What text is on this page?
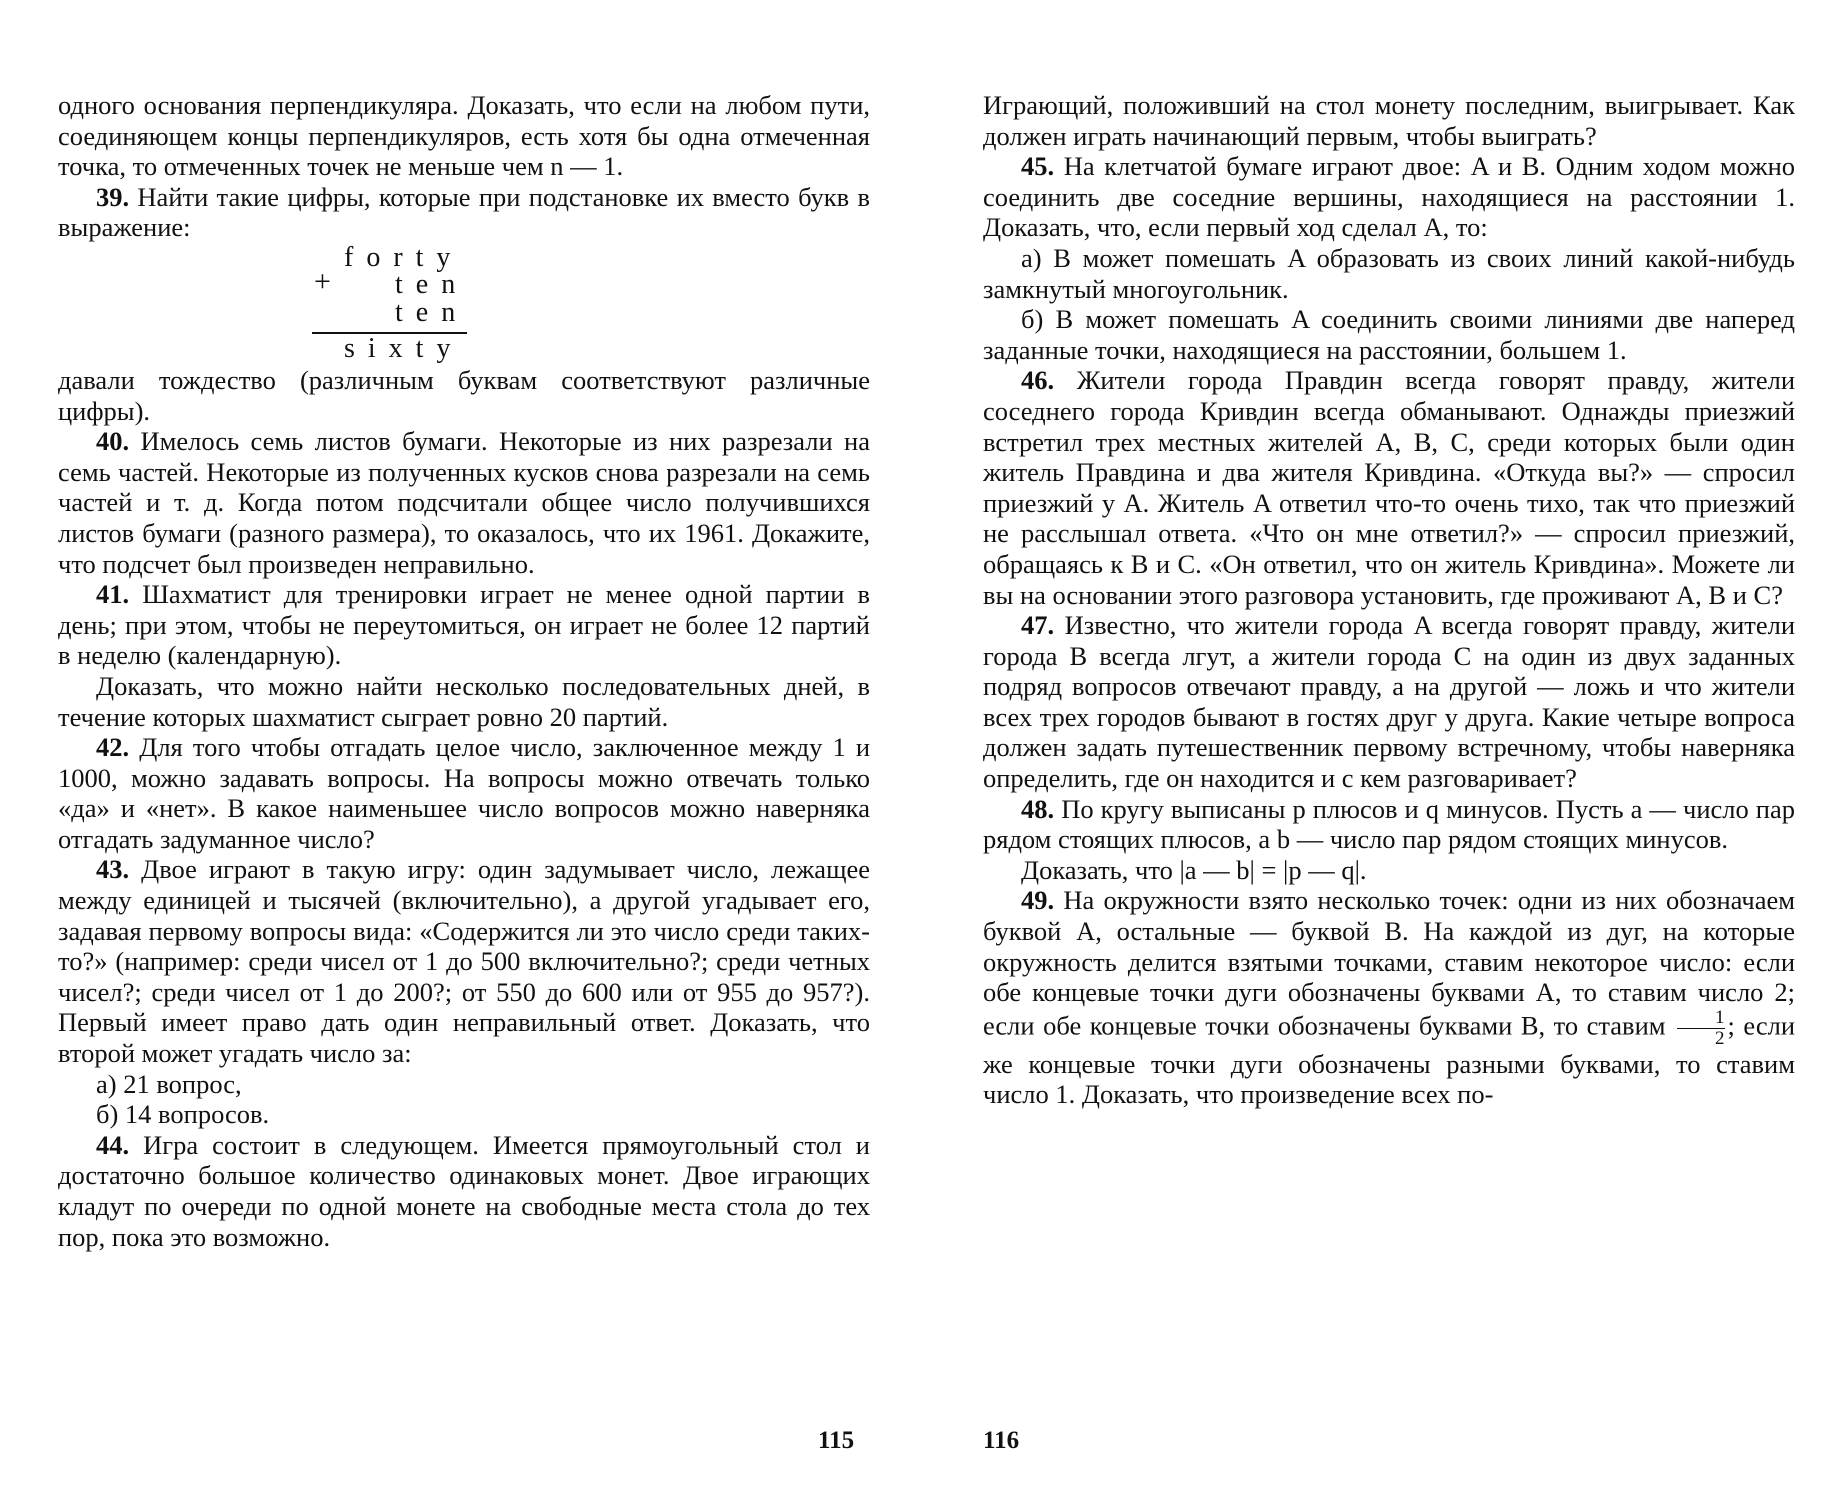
одного основания перпендикуляра. Доказать, что если на любом пути, соединяющем концы перпендикуляров, есть хотя бы одна отмеченная точка, то отмеченных точек не меньше чем n — 1.

39. Найти такие цифры, которые при подстановке их вместо букв в выражение:

forty
+ ten
ten
sixty

давали тождество (различным буквам соответствуют различные цифры).

40. Имелось семь листов бумаги. Некоторые из них разрезали на семь частей. Некоторые из полученных кусков снова разрезали на семь частей и т. д. Когда потом подсчитали общее число получившихся листов бумаги (разного размера), то оказалось, что их 1961. Докажите, что подсчет был произведен неправильно.

41. Шахматист для тренировки играет не менее одной партии в день; при этом, чтобы не переутомиться, он играет не более 12 партий в неделю (календарную).

Доказать, что можно найти несколько последовательных дней, в течение которых шахматист сыграет ровно 20 партий.

42. Для того чтобы отгадать целое число, заключенное между 1 и 1000, можно задавать вопросы. На вопросы можно отвечать только «да» и «нет». В какое наименьшее число вопросов можно наверняка отгадать задуманное число?

43. Двое играют в такую игру: один задумывает число, лежащее между единицей и тысячей (включительно), а другой угадывает его, задавая первому вопросы вида: «Содержится ли это число среди таких-то?» (например: среди чисел от 1 до 500 включительно?; среди четных чисел?; среди чисел от 1 до 200?; от 550 до 600 или от 955 до 957?). Первый имеет право дать один неправильный ответ. Доказать, что второй может угадать число за:

а) 21 вопрос,

б) 14 вопросов.

44. Игра состоит в следующем. Имеется прямоугольный стол и достаточно большое количество одинаковых монет. Двое играющих кладут по очереди по одной монете на свободные места стола до тех пор, пока это возможно.

115

Играющий, положивший на стол монету последним, выигрывает. Как должен играть начинающий первым, чтобы выиграть?

45. На клетчатой бумаге играют двое: A и B. Одним ходом можно соединить две соседние вершины, находящиеся на расстоянии 1. Доказать, что, если первый ход сделал A, то:

а) B может помешать A образовать из своих линий какой-нибудь замкнутый многоугольник.

б) B может помешать A соединить своими линиями две наперед заданные точки, находящиеся на расстоянии, большем 1.

46. Жители города Правдин всегда говорят правду, жители соседнего города Кривдин всегда обманывают. Однажды приезжий встретил трех местных жителей A, B, C, среди которых были один житель Правдина и два жителя Кривдина. «Откуда вы?» — спросил приезжий у A. Житель A ответил что-то очень тихо, так что приезжий не расслышал ответа. «Что он мне ответил?» — спросил приезжий, обращаясь к B и C. «Он ответил, что он житель Кривдина». Можете ли вы на основании этого разговора установить, где проживают A, B и C?

47. Известно, что жители города A всегда говорят правду, жители города B всегда лгут, а жители города C на один из двух заданных подряд вопросов отвечают правду, а на другой — ложь и что жители всех трех городов бывают в гостях друг у друга. Какие четыре вопроса должен задать путешественник первому встречному, чтобы наверняка определить, где он находится и с кем разговаривает?

48. По кругу выписаны p плюсов и q минусов. Пусть a — число пар рядом стоящих плюсов, а b — число пар рядом стоящих минусов.

Доказать, что |a — b| = |p — q|.

49. На окружности взято несколько точек: одни из них обозначаем буквой A, остальные — буквой B. На каждой из дуг, на которые окружность делится взятыми точками, ставим некоторое число: если обе концевые точки дуги обозначены буквами A, то ставим число 2; если обе концевые точки обозначены буквами B, то ставим $\frac{1}{2}$ ; если же концевые точки дуги обозначены разными буквами, то ставим число 1. Доказать, что произведение всех по-

116
